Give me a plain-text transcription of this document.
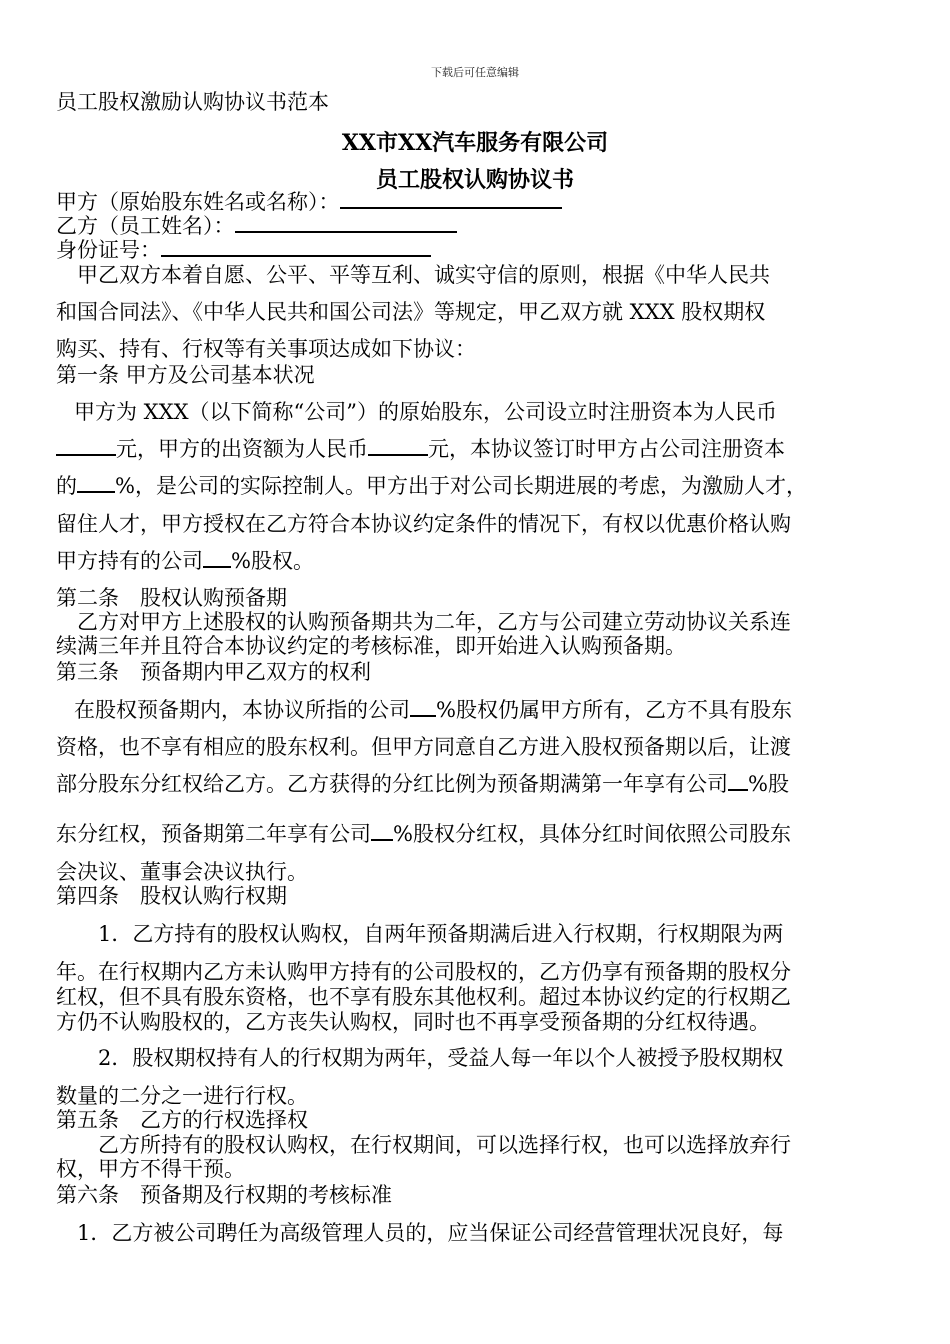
下载后可任意编辑
员工股权激励认购协议书范本
XX市XX汽车服务有限公司
员工股权认购协议书
甲方（原始股东姓名或名称）：
乙方（员工姓名）：
身份证号：
　甲乙双方本着自愿、公平、平等互利、诚实守信的原则，根据《中华人民共
和国合同法》、《中华人民共和国公司法》等规定，甲乙双方就 XXX 股权期权
购买、持有、行权等有关事项达成如下协议：
第一条 甲方及公司基本状况
甲方为 XXX（以下简称“公司”）的原始股东，公司设立时注册资本为人民币
元，甲方的出资额为人民币	元，本协议签订时甲方占公司注册资本
的 %，是公司的实际控制人。甲方出于对公司长期进展的考虑，为激励人才，
留住人才，甲方授权在乙方符合本协议约定条件的情况下，有权以优惠价格认购
甲方持有的公司 %股权。
第二条　股权认购预备期
　乙方对甲方上述股权的认购预备期共为二年，乙方与公司建立劳动协议关系连
续满三年并且符合本协议约定的考核标准，即开始进入认购预备期。
第三条　预备期内甲乙双方的权利
在股权预备期内，本协议所指的公司 %股权仍属甲方所有，乙方不具有股东
资格，也不享有相应的股东权利。但甲方同意自乙方进入股权预备期以后，让渡
部分股东分红权给乙方。乙方获得的分红比例为预备期满第一年享有公司 %股
东分红权，预备期第二年享有公司 %股权分红权，具体分红时间依照公司股东
会决议、董事会决议执行。
第四条　股权认购行权期
　　1．乙方持有的股权认购权，自两年预备期满后进入行权期，行权期限为两
年。在行权期内乙方未认购甲方持有的公司股权的，乙方仍享有预备期的股权分
红权，但不具有股东资格，也不享有股东其他权利。超过本协议约定的行权期乙
方仍不认购股权的，乙方丧失认购权，同时也不再享受预备期的分红权待遇。
　　2．股权期权持有人的行权期为两年，受益人每一年以个人被授予股权期权
数量的二分之一进行行权。
第五条　乙方的行权选择权
　　乙方所持有的股权认购权，在行权期间，可以选择行权，也可以选择放弃行
权，甲方不得干预。
第六条　预备期及行权期的考核标准
　1．乙方被公司聘任为高级管理人员的，应当保证公司经营管理状况良好，每
